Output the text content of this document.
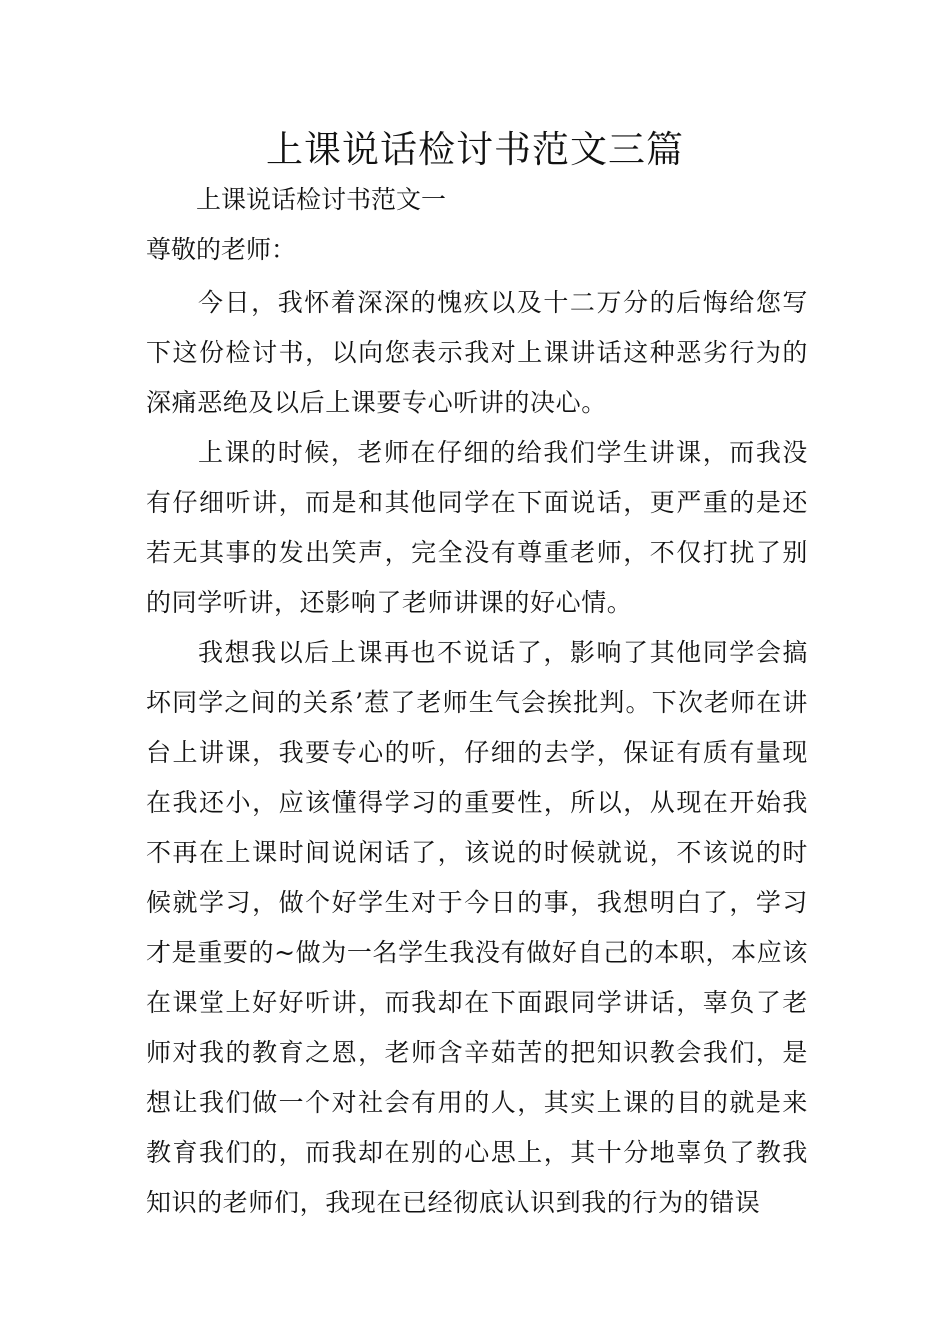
上课说话检讨书范文三篇

上课说话检讨书范文一

尊敬的老师：

今日，我怀着深深的愧疚以及十二万分的后悔给您写下这份检讨书，以向您表示我对上课讲话这种恶劣行为的深痛恶绝及以后上课要专心听讲的决心。

上课的时候，老师在仔细的给我们学生讲课，而我没有仔细听讲，而是和其他同学在下面说话，更严重的是还若无其事的发出笑声，完全没有尊重老师，不仅打扰了别的同学听讲，还影响了老师讲课的好心情。

我想我以后上课再也不说话了，影响了其他同学会搞坏同学之间的关系’惹了老师生气会挨批判。下次老师在讲台上讲课，我要专心的听，仔细的去学，保证有质有量现在我还小，应该懂得学习的重要性，所以，从现在开始我不再在上课时间说闲话了，该说的时候就说，不该说的时候就学习，做个好学生对于今日的事，我想明白了，学习才是重要的~做为一名学生我没有做好自己的本职，本应该在课堂上好好听讲，而我却在下面跟同学讲话，辜负了老师对我的教育之恩，老师含辛茹苦的把知识教会我们，是想让我们做一个对社会有用的人，其实上课的目的就是来教育我们的，而我却在别的心思上，其十分地辜负了教我知识的老师们，我现在已经彻底认识到我的行为的错误
